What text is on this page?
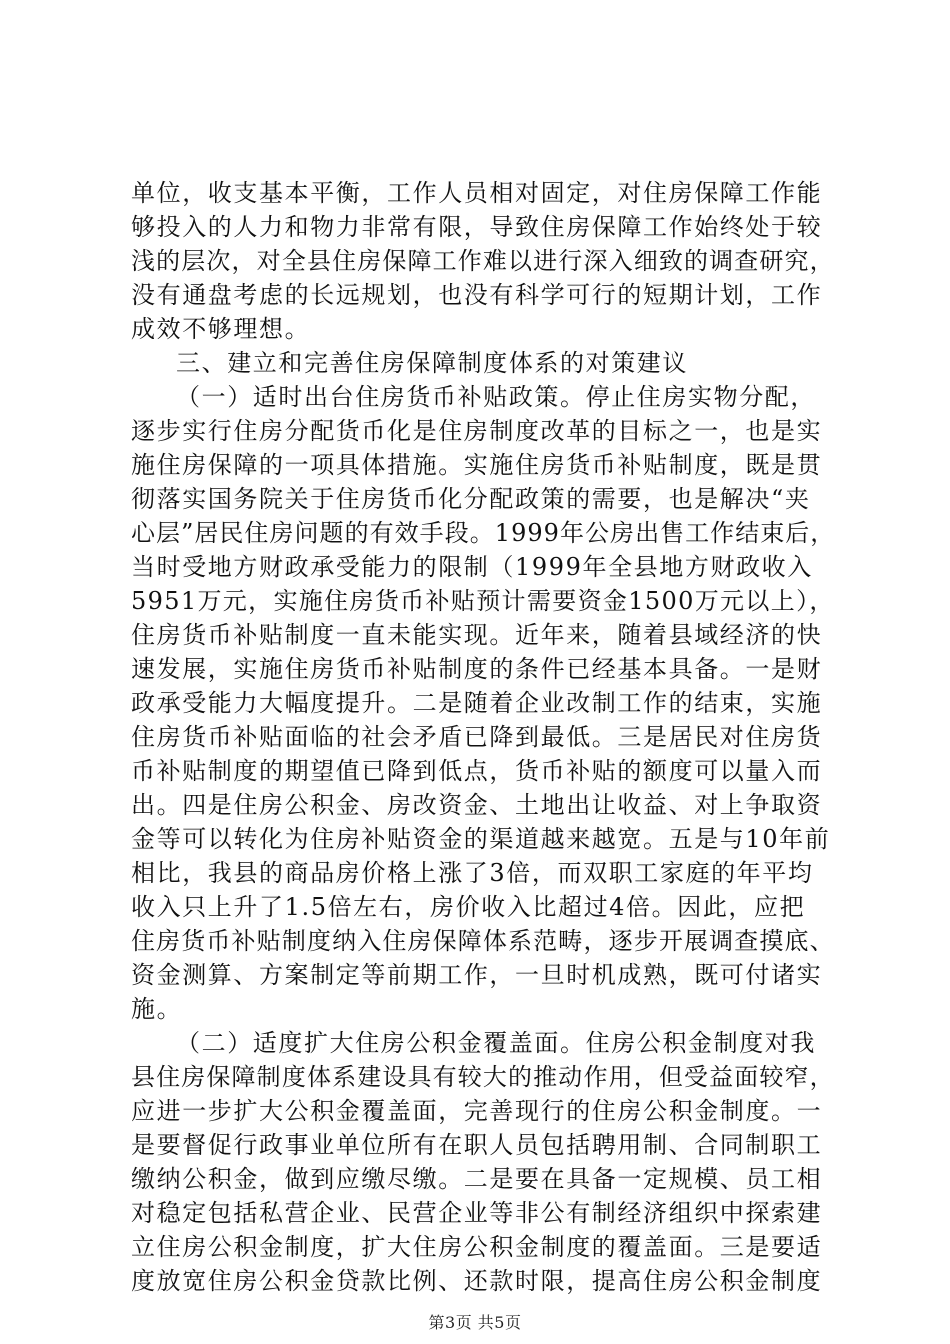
单位，收支基本平衡，工作人员相对固定，对住房保障工作能
够投入的人力和物力非常有限，导致住房保障工作始终处于较
浅的层次，对全县住房保障工作难以进行深入细致的调查研究，
没有通盘考虑的长远规划，也没有科学可行的短期计划，工作
成效不够理想。
三、建立和完善住房保障制度体系的对策建议
（一）适时出台住房货币补贴政策。停止住房实物分配，
逐步实行住房分配货币化是住房制度改革的目标之一，也是实
施住房保障的一项具体措施。实施住房货币补贴制度，既是贯
彻落实国务院关于住房货币化分配政策的需要，也是解决“夹
心层”居民住房问题的有效手段。1999年公房出售工作结束后，
当时受地方财政承受能力的限制（1999年全县地方财政收入
5951万元，实施住房货币补贴预计需要资金1500万元以上），
住房货币补贴制度一直未能实现。近年来，随着县域经济的快
速发展，实施住房货币补贴制度的条件已经基本具备。一是财
政承受能力大幅度提升。二是随着企业改制工作的结束，实施
住房货币补贴面临的社会矛盾已降到最低。三是居民对住房货
币补贴制度的期望值已降到低点，货币补贴的额度可以量入而
出。四是住房公积金、房改资金、土地出让收益、对上争取资
金等可以转化为住房补贴资金的渠道越来越宽。五是与10年前
相比，我县的商品房价格上涨了3倍，而双职工家庭的年平均
收入只上升了1.5倍左右，房价收入比超过4倍。因此，应把
住房货币补贴制度纳入住房保障体系范畴，逐步开展调查摸底、
资金测算、方案制定等前期工作，一旦时机成熟，既可付诸实
施。
（二）适度扩大住房公积金覆盖面。住房公积金制度对我
县住房保障制度体系建设具有较大的推动作用，但受益面较窄，
应进一步扩大公积金覆盖面，完善现行的住房公积金制度。一
是要督促行政事业单位所有在职人员包括聘用制、合同制职工
缴纳公积金，做到应缴尽缴。二是要在具备一定规模、员工相
对稳定包括私营企业、民营企业等非公有制经济组织中探索建
立住房公积金制度，扩大住房公积金制度的覆盖面。三是要适
度放宽住房公积金贷款比例、还款时限，提高住房公积金制度
第3页 共5页
